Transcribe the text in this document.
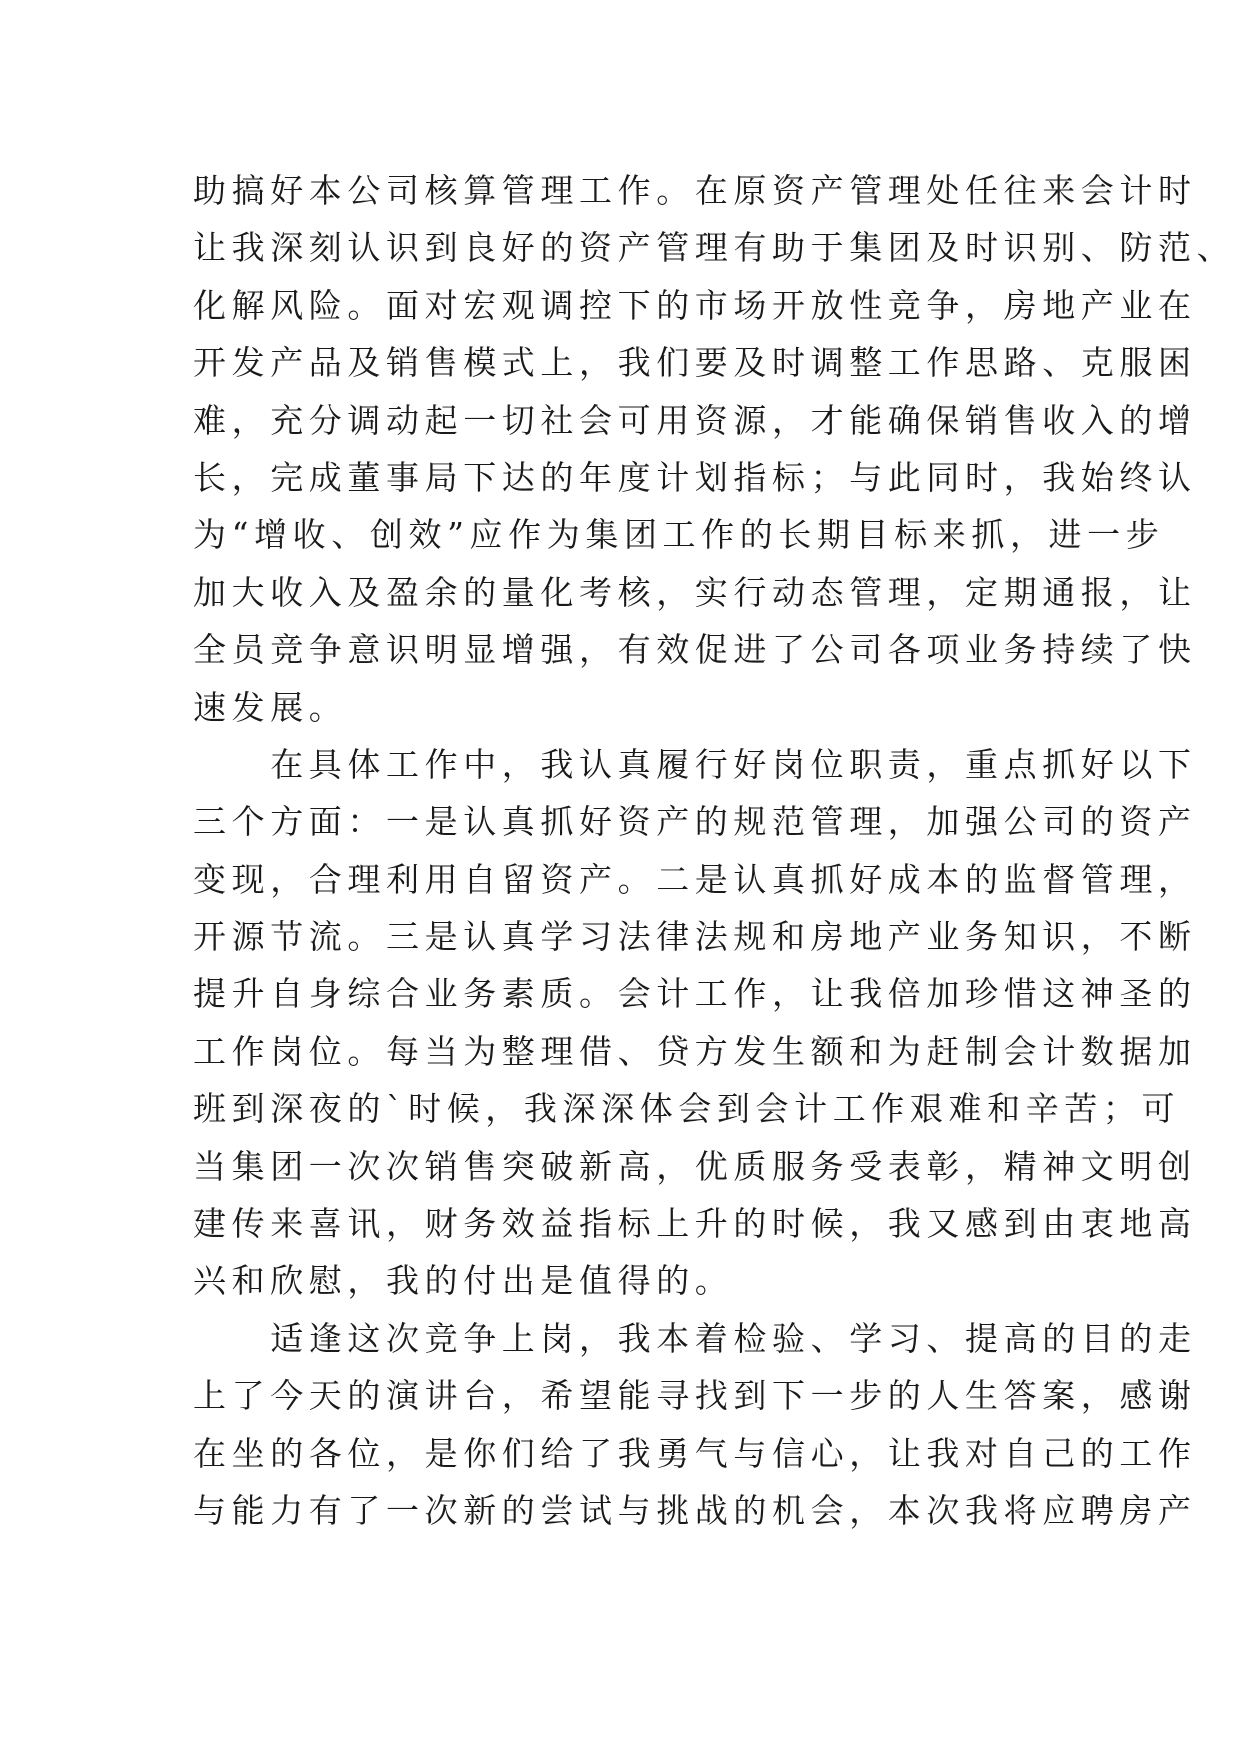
助搞好本公司核算管理工作。在原资产管理处任往来会计时
让我深刻认识到良好的资产管理有助于集团及时识别、防范、
化解风险。面对宏观调控下的市场开放性竞争，房地产业在
开发产品及销售模式上，我们要及时调整工作思路、克服困
难，充分调动起一切社会可用资源，才能确保销售收入的增
长，完成董事局下达的年度计划指标；与此同时，我始终认
为“增收、创效”应作为集团工作的长期目标来抓，进一步
加大收入及盈余的量化考核，实行动态管理，定期通报，让
全员竞争意识明显增强，有效促进了公司各项业务持续了快
速发展。
　　在具体工作中，我认真履行好岗位职责，重点抓好以下
三个方面：一是认真抓好资产的规范管理，加强公司的资产
变现，合理利用自留资产。二是认真抓好成本的监督管理，
开源节流。三是认真学习法律法规和房地产业务知识，不断
提升自身综合业务素质。会计工作，让我倍加珍惜这神圣的
工作岗位。每当为整理借、贷方发生额和为赶制会计数据加
班到深夜的`时候，我深深体会到会计工作艰难和辛苦；可
当集团一次次销售突破新高，优质服务受表彰，精神文明创
建传来喜讯，财务效益指标上升的时候，我又感到由衷地高
兴和欣慰，我的付出是值得的。
　　适逢这次竞争上岗，我本着检验、学习、提高的目的走
上了今天的演讲台，希望能寻找到下一步的人生答案，感谢
在坐的各位，是你们给了我勇气与信心，让我对自己的工作
与能力有了一次新的尝试与挑战的机会，本次我将应聘房产
